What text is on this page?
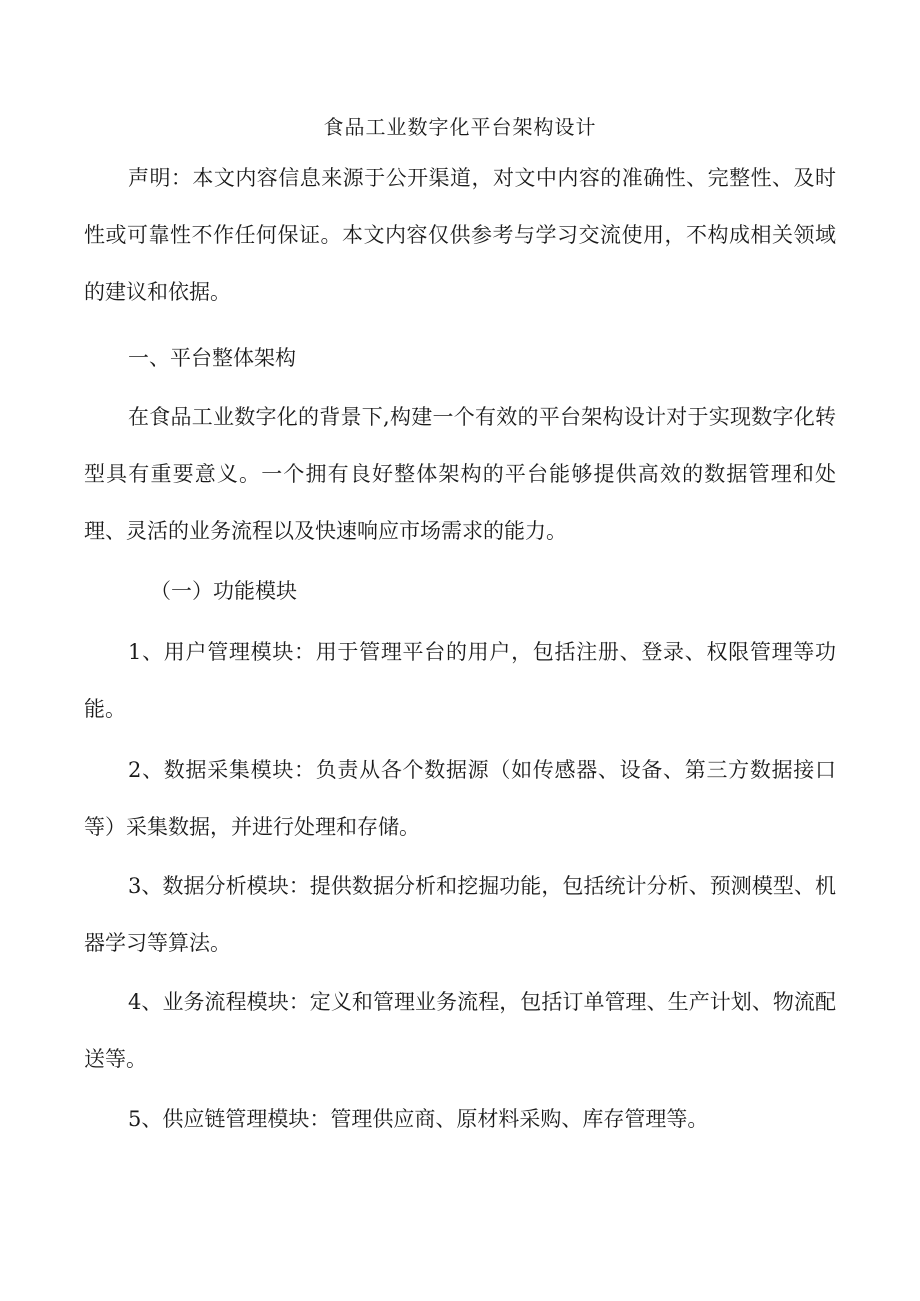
食品工业数字化平台架构设计

声明：本文内容信息来源于公开渠道，对文中内容的准确性、完整性、及时性或可靠性不作任何保证。本文内容仅供参考与学习交流使用，不构成相关领域的建议和依据。

一、平台整体架构

在食品工业数字化的背景下,构建一个有效的平台架构设计对于实现数字化转型具有重要意义。一个拥有良好整体架构的平台能够提供高效的数据管理和处理、灵活的业务流程以及快速响应市场需求的能力。

（一）功能模块

1、用户管理模块：用于管理平台的用户，包括注册、登录、权限管理等功能。

2、数据采集模块：负责从各个数据源（如传感器、设备、第三方数据接口等）采集数据，并进行处理和存储。

3、数据分析模块：提供数据分析和挖掘功能，包括统计分析、预测模型、机器学习等算法。

4、业务流程模块：定义和管理业务流程，包括订单管理、生产计划、物流配送等。

5、供应链管理模块：管理供应商、原材料采购、库存管理等。
